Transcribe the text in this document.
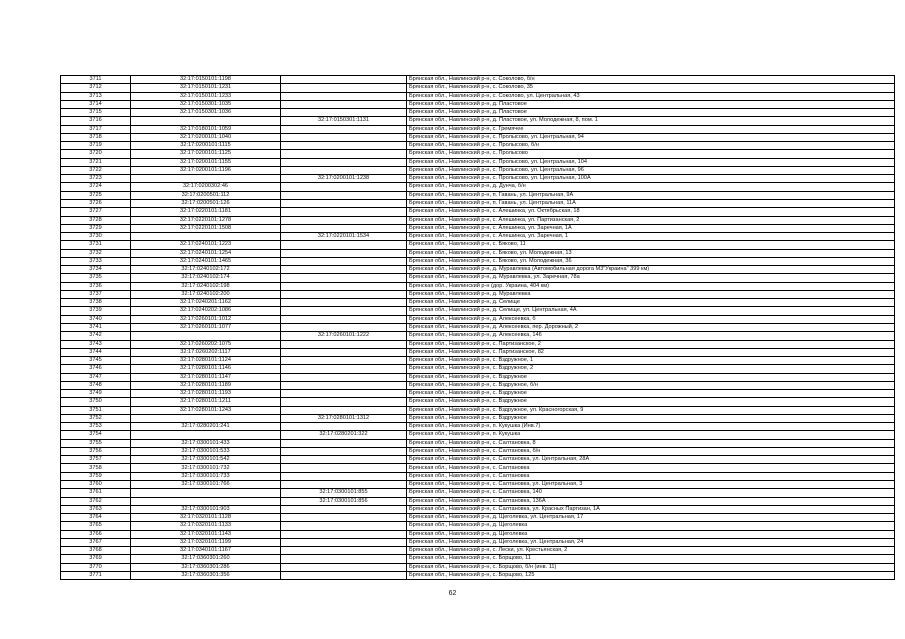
3711	32:17:0150101:1198		Брянская обл., Навлинский р-н, с. Соколово, б/н
3712	32:17:0150101:1231		Брянская обл., Навлинский р-н, с. Соколово, 35
3713	32:17:0150101:1233		Брянская обл., Навлинский р-н, с. Соколово, ул. Центральная, 43
3714	32:17:0150301:1035		Брянская обл., Навлинский р-н, д. Пластовое
3715	32:17:0150301:1036		Брянская обл., Навлинский р-н, д. Пластовое
3716		32:17:0150301:1131	Брянская обл., Навлинский р-н, д. Пластовое, ул. Молодежная, 8, пом. 1
3717	32:17:0180101:1059		Брянская обл., Навлинский р-н, с. Гремячее
3718	32:17:0200101:1040		Брянская обл., Навлинский р-н, с. Пролысово, ул. Центральная, 94
3719	32:17:0200101:1115		Брянская обл., Навлинский р-н, с. Пролысово, б/н
3720	32:17:0200101:1125		Брянская обл., Навлинский р-н, с. Пролысово
3721	32:17:0200101:1155		Брянская обл., Навлинский р-н, с. Пролысово, ул. Центральная, 104
3722	32:17:0200101:1196		Брянская обл., Навлинский р-н, с. Пролысово, ул. Центральная, 96
3723		32:17:0200101:1238	Брянская обл., Навлинский р-н, с. Пролысово, ул. Центральная, 100А
3724	32:17:0200302:46		Брянская обл., Навлинский р-н, д. Дунча, б/н
3725	32:17:0200501:112		Брянская обл., Навлинский р-н, п. Гавань, ул. Центральная, 9А
3726	32:17:0200501:126		Брянская обл., Навлинский р-н, п. Гавань, ул. Центральная, 11А
3727	32:17:0220101:1181		Брянская обл., Навлинский р-н, с. Алешинка, ул. Октябрьская, 18
3728	32:17:0220101:1278		Брянская обл., Навлинский р-н, с. Алешинка, ул. Партизанская, 2
3729	32:17:0220101:1508		Брянская обл., Навлинский р-н, с. Алешинка, ул. Заречная, 1А
3730		32:17:0220101:1534	Брянская обл., Навлинский р-н, с. Алешинка, ул. Заречная, 1
3731	32:17:0240101:1223		Брянская обл., Навлинский р-н, с. Бяково, 11
3732	32:17:0240101:1254		Брянская обл., Навлинский р-н, с. Бяково, ул. Молодежная, 13
3733	32:17:0240101:1465		Брянская обл., Навлинский р-н, с. Бяково, ул. Молодежная, 36
3734	32:17:0240102:172		Брянская обл., Навлинский р-н, д. Муравлевка (Автомобильная дорога М3"Украина" 399 км)
3735	32:17:0240102:174		Брянская обл., Навлинский р-н, д. Муравлевка, ул. Заречная, 78а
3736	32:17:0240102:198		Брянская обл., Навлинский р-н (дор. Украина, 404 км)
3737	32:17:0240102:200		Брянская обл., Навлинский р-н, д. Муравлевка
3738	32:17:0240201:1162		Брянская обл., Навлинский р-н, д. Селище
3739	32:17:0240202:1086		Брянская обл., Навлинский р-н, д. Селище, ул. Центральная, 4А
3740	32:17:0260101:1012		Брянская обл., Навлинский р-н, д. Алексеевка, б
3741	32:17:0260101:1077		Брянская обл., Навлинский р-н, д. Алексеевка, пер. Дорожный, 2
3742		32:17:0260101:1222	Брянская обл., Навлинский р-н, д. Алексеевка, 146
3743	32:17:0260202:1075		Брянская обл., Навлинский р-н, с. Партизанское, 2
3744	32:17:0260202:1117		Брянская обл., Навлинский р-н, с. Партизанское, 82
3745	32:17:0280101:1124		Брянская обл., Навлинский р-н, с. Вздружное, 1
3746	32:17:0280101:1146		Брянская обл., Навлинский р-н, с. Вздружное, 2
3747	32:17:0280101:1147		Брянская обл., Навлинский р-н, с. Вздружное
3748	32:17:0280101:1189		Брянская обл., Навлинский р-н, с. Вздружное, б/н
3749	32:17:0280101:1193		Брянская обл., Навлинский р-н, с. Вздружное
3750	32:17:0280101:1211		Брянская обл., Навлинский р-н, с. Вздружное
3751	32:17:0280101:1243		Брянская обл., Навлинский р-н, с. Вздружное, ул. Красногорская, 9
3752		32:17:0280101:1312	Брянская обл., Навлинский р-н, с. Вздружное
3753	32:17:0280201:241		Брянская обл., Навлинский р-н, п. Кукушка (Инв.7)
3754		32:17:0280201:322	Брянская обл., Навлинский р-н, п. Кукушка
3755	32:17:0300101:433		Брянская обл., Навлинский р-н, с. Салтановка, 8
3756	32:17:0300101:533		Брянская обл., Навлинский р-н, с. Салтановка, б/н
3757	32:17:0300101:542		Брянская обл., Навлинский р-н, с. Салтановка, ул. Центральная, 28А
3758	32:17:0300101:732		Брянская обл., Навлинский р-н, с. Салтановка
3759	32:17:0300101:733		Брянская обл., Навлинский р-н, с. Салтановка
3760	32:17:0300101:766		Брянская обл., Навлинский р-н, с. Салтановка, ул. Центральная, 3
3761		32:17:0300101:855	Брянская обл., Навлинский р-н, с. Салтановка, 140
3762		32:17:0300101:856	Брянская обл., Навлинский р-н, с. Салтановка, 136А
3763	32:17:0300101:903		Брянская обл., Навлинский р-н, с. Салтановка, ул. Красных Партизан, 1А
3764	32:17:0320101:1128		Брянская обл., Навлинский р-н, д. Щеголевка, ул. Центральная, 17
3765	32:17:0320101:1133		Брянская обл., Навлинский р-н, д. Щеголевка
3766	32:17:0320101:1143		Брянская обл., Навлинский р-н, д. Щеголевка
3767	32:17:0320101:1199		Брянская обл., Навлинский р-н, д. Щеголевка, ул. Центральная, 24
3768	32:17:0340101:1167		Брянская обл., Навлинский р-н, с. Лески, ул. Крестьянская, 2
3769	32:17:0360301:260		Брянская обл., Навлинский р-н, с. Борщово, 11
3770	32:17:0360301:286		Брянская обл., Навлинский р-н, с. Борщово, б/н (инв. 11)
3771	32:17:0360301:356		Брянская обл., Навлинский р-н, с. Борщово, 125
62
